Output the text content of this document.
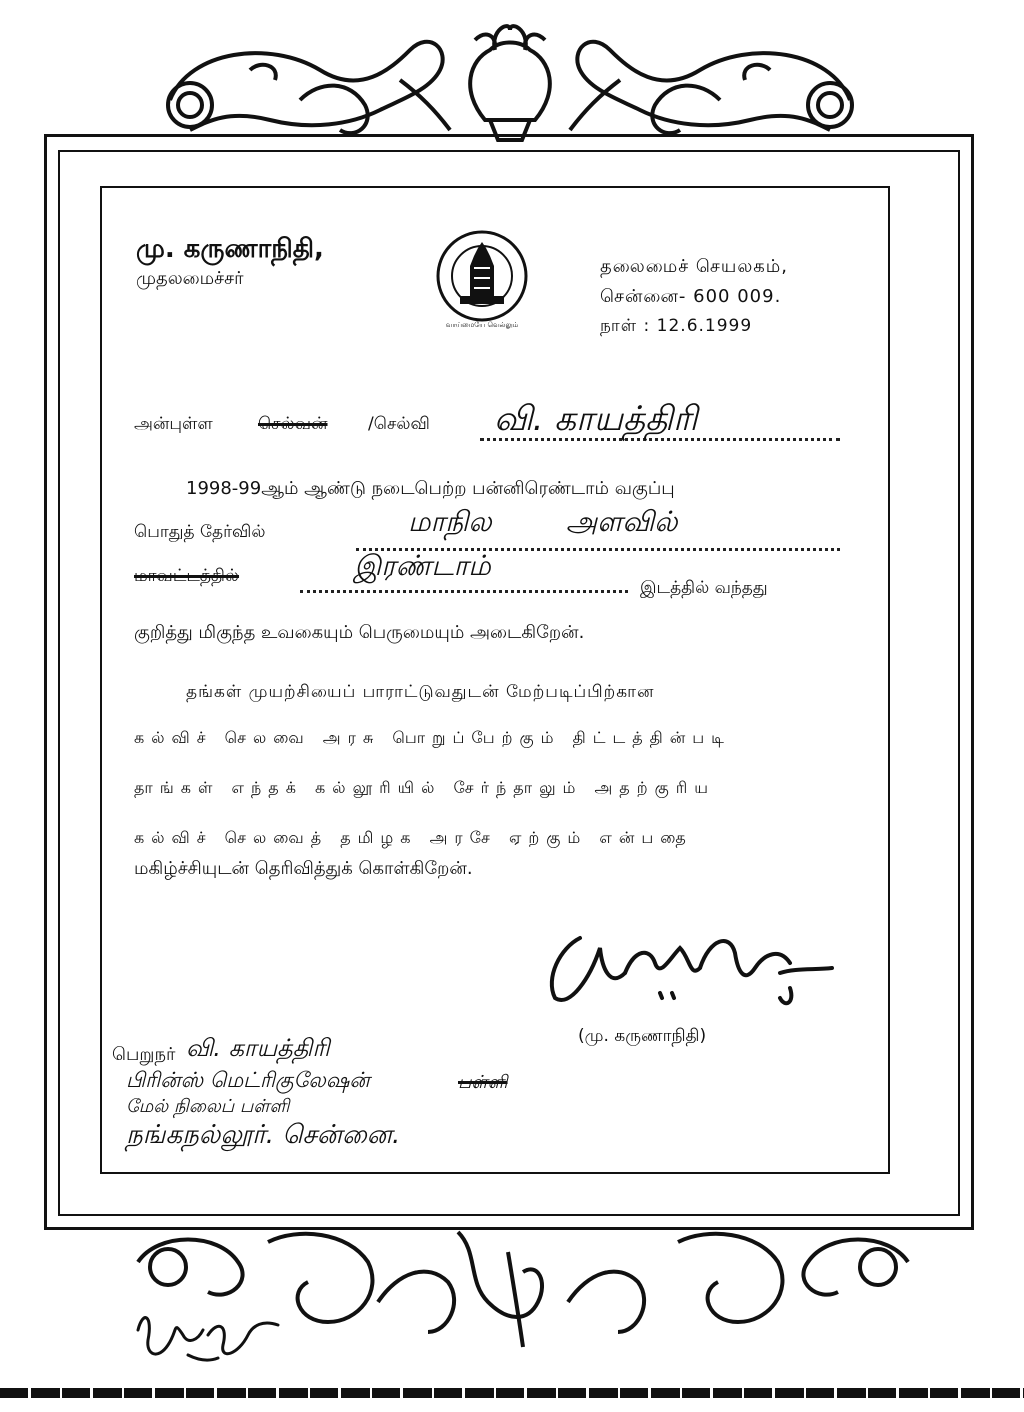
மு. கருணாநிதி,
முதலமைச்சர்
வாய்மையே வெல்லும்
தலைமைச் செயலகம்,
சென்னை- 600 009.
நாள் : 12.6.1999
அன்புள்ள	செல்வன் /செல்வி வி. காயத்திரி
1998-99ஆம் ஆண்டு நடைபெற்ற பன்னிரெண்டாம் வகுப்பு
பொதுத் தேர்வில்	மாநில	அளவில்
மாவட்டத்தில்	இரண்டாம்
இடத்தில் வந்தது
குறித்து மிகுந்த உவகையும் பெருமையும் அடைகிறேன்.
தங்கள் முயற்சியைப் பாராட்டுவதுடன் மேற்படிப்பிற்கான
கல்விச் செலவை அரசு பொறுப்பேற்கும் திட்டத்தின்படி
தாங்கள் எந்தக் கல்லூரியில் சேர்ந்தாலும் அதற்குரிய
கல்விச் செலவைத் தமிழக அரசே ஏற்கும் என்பதை
மகிழ்ச்சியுடன் தெரிவித்துக் கொள்கிறேன்.
(மு. கருணாநிதி)
பெறுநர் வி. காயத்திரி
பிரின்ஸ் மெட்ரிகுலேஷன்	பள்ளி
மேல் நிலைப் பள்ளி
நங்கநல்லூர். சென்னை.
